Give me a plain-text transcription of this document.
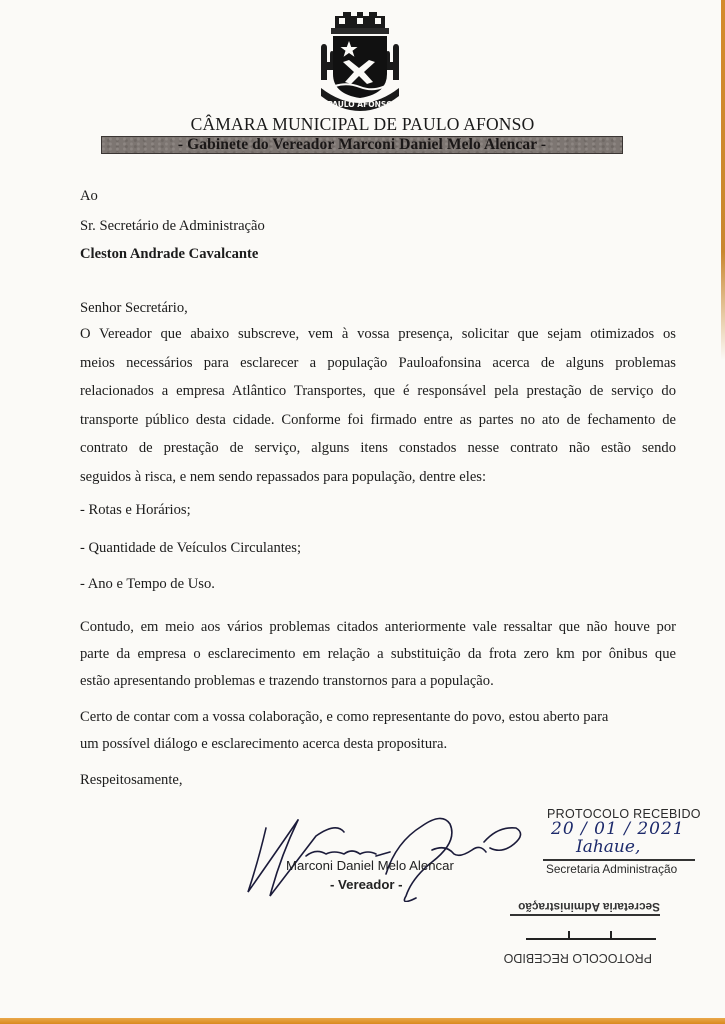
1728	1958
PAULO AFONSO
CÂMARA MUNICIPAL DE PAULO AFONSO
- Gabinete do Vereador Marconi Daniel Melo Alencar -
Ao
Sr. Secretário de Administração
Cleston Andrade Cavalcante
Senhor Secretário,
O Vereador que abaixo subscreve, vem à vossa presença, solicitar que sejam otimizados os
meios necessários para esclarecer a população Pauloafonsina acerca de alguns problemas
relacionados a empresa Atlântico Transportes, que é responsável pela prestação de serviço do
transporte público desta cidade. Conforme foi firmado entre as partes no ato de fechamento de
contrato de prestação de serviço, alguns itens constados nesse contrato não estão sendo
seguidos à risca, e nem sendo repassados para população, dentre eles:
- Rotas e Horários;
- Quantidade de Veículos Circulantes;
- Ano e Tempo de Uso.
Contudo, em meio aos vários problemas citados anteriormente vale ressaltar que não houve por
parte da empresa o esclarecimento em relação a substituição da frota zero km por ônibus que
estão apresentando problemas e trazendo transtornos para a população.
Certo de contar com a vossa colaboração, e como representante do povo, estou aberto para
um possível diálogo e esclarecimento acerca desta propositura.
Respeitosamente,
Marconi Daniel Melo Alencar
- Vereador -
PROTOCOLO RECEBIDO
20 / 01 / 2021
Iahaue,
Secretaria Administração
PROTOCOLO RECEBIDO
Secretaria Administração
